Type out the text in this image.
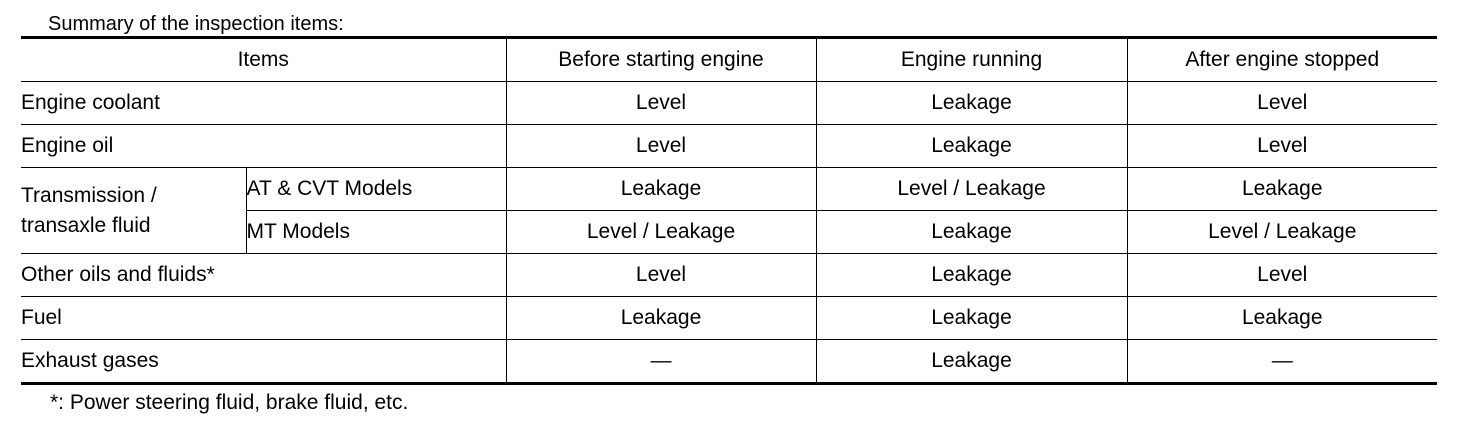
Summary of the inspection items:
Items		Before starting engine	Engine running	After engine stopped
Engine coolant		Level	Leakage	Level
Engine oil		Level	Leakage	Level
Transmission /
transaxle fluid	AT & CVT Models	Leakage	Level / Leakage	Leakage
	MT Models	Level / Leakage	Leakage	Level / Leakage
Other oils and fluids*		Level	Leakage	Level
Fuel		Leakage	Leakage	Leakage
Exhaust gases		—	Leakage	—
*: Power steering fluid, brake fluid, etc.
